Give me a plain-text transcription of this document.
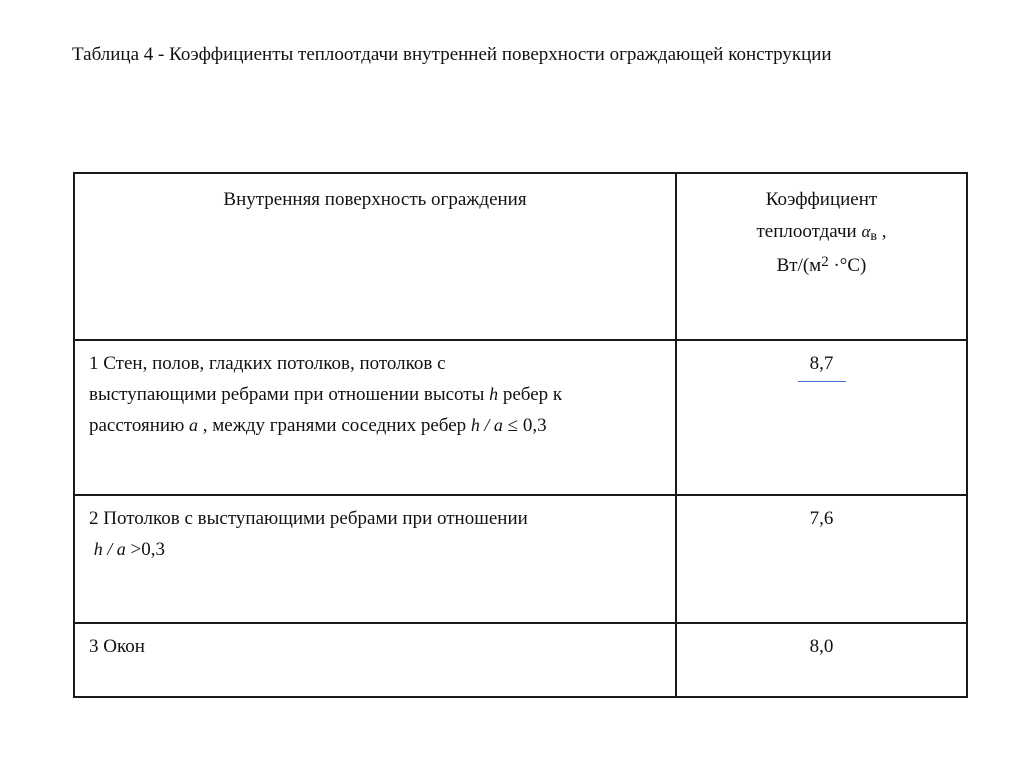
Таблица 4 - Коэффициенты теплоотдачи внутренней поверхности ограждающей конструкции
Внутренняя поверхность ограждения	Коэффициент
теплоотдачи αв ,
$Вт/(м^2 \cdot^\circ С)$

1 Стен, полов, гладких потолков, потолков с
выступающими ребрами при отношении высоты h ребер к
расстоянию a , между гранями соседних ребер h / a ≤ 0,3	8,7

2 Потолков с выступающими ребрами при отношении
h / a >0,3	7,6

3 Окон	8,0
